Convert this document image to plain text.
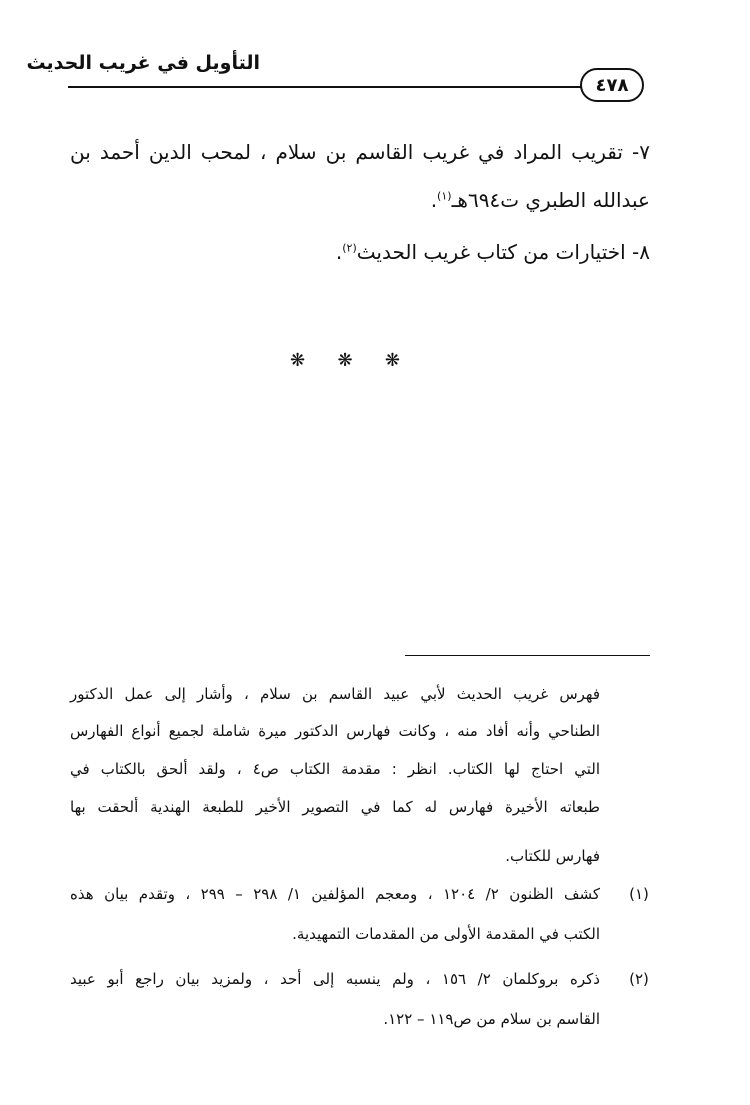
التأويل في غريب الحديث
٤٧٨
٧- تقريب المراد في غريب القاسم بن سلام ، لمحب الدين أحمد بن
عبدالله الطبري ت٦٩٤هـ$^{(١)}$.
٨- اختيارات من كتاب غريب الحديث$^{(٢)}$.
❋ ❋ ❋
فهرس غريب الحديث لأبي عبيد القاسم بن سلام ، وأشار إلى عمل الدكتور
الطناحي وأنه أفاد منه ، وكانت فهارس الدكتور ميرة شاملة لجميع أنواع الفهارس
التي احتاج لها الكتاب. انظر : مقدمة الكتاب ص٤ ، ولقد ألحق بالكتاب في
طبعاته الأخيرة فهارس له كما في التصوير الأخير للطبعة الهندية ألحقت بها
فهارس للكتاب.
(١)
كشف الظنون ٢/ ١٢٠٤ ، ومعجم المؤلفين ١/ ٢٩٨ – ٢٩٩ ، وتقدم بيان هذه
الكتب في المقدمة الأولى من المقدمات التمهيدية.
(٢)
ذكره بروكلمان ٢/ ١٥٦ ، ولم ينسبه إلى أحد ، ولمزيد بيان راجع أبو عبيد
القاسم بن سلام من ص١١٩ – ١٢٢.
